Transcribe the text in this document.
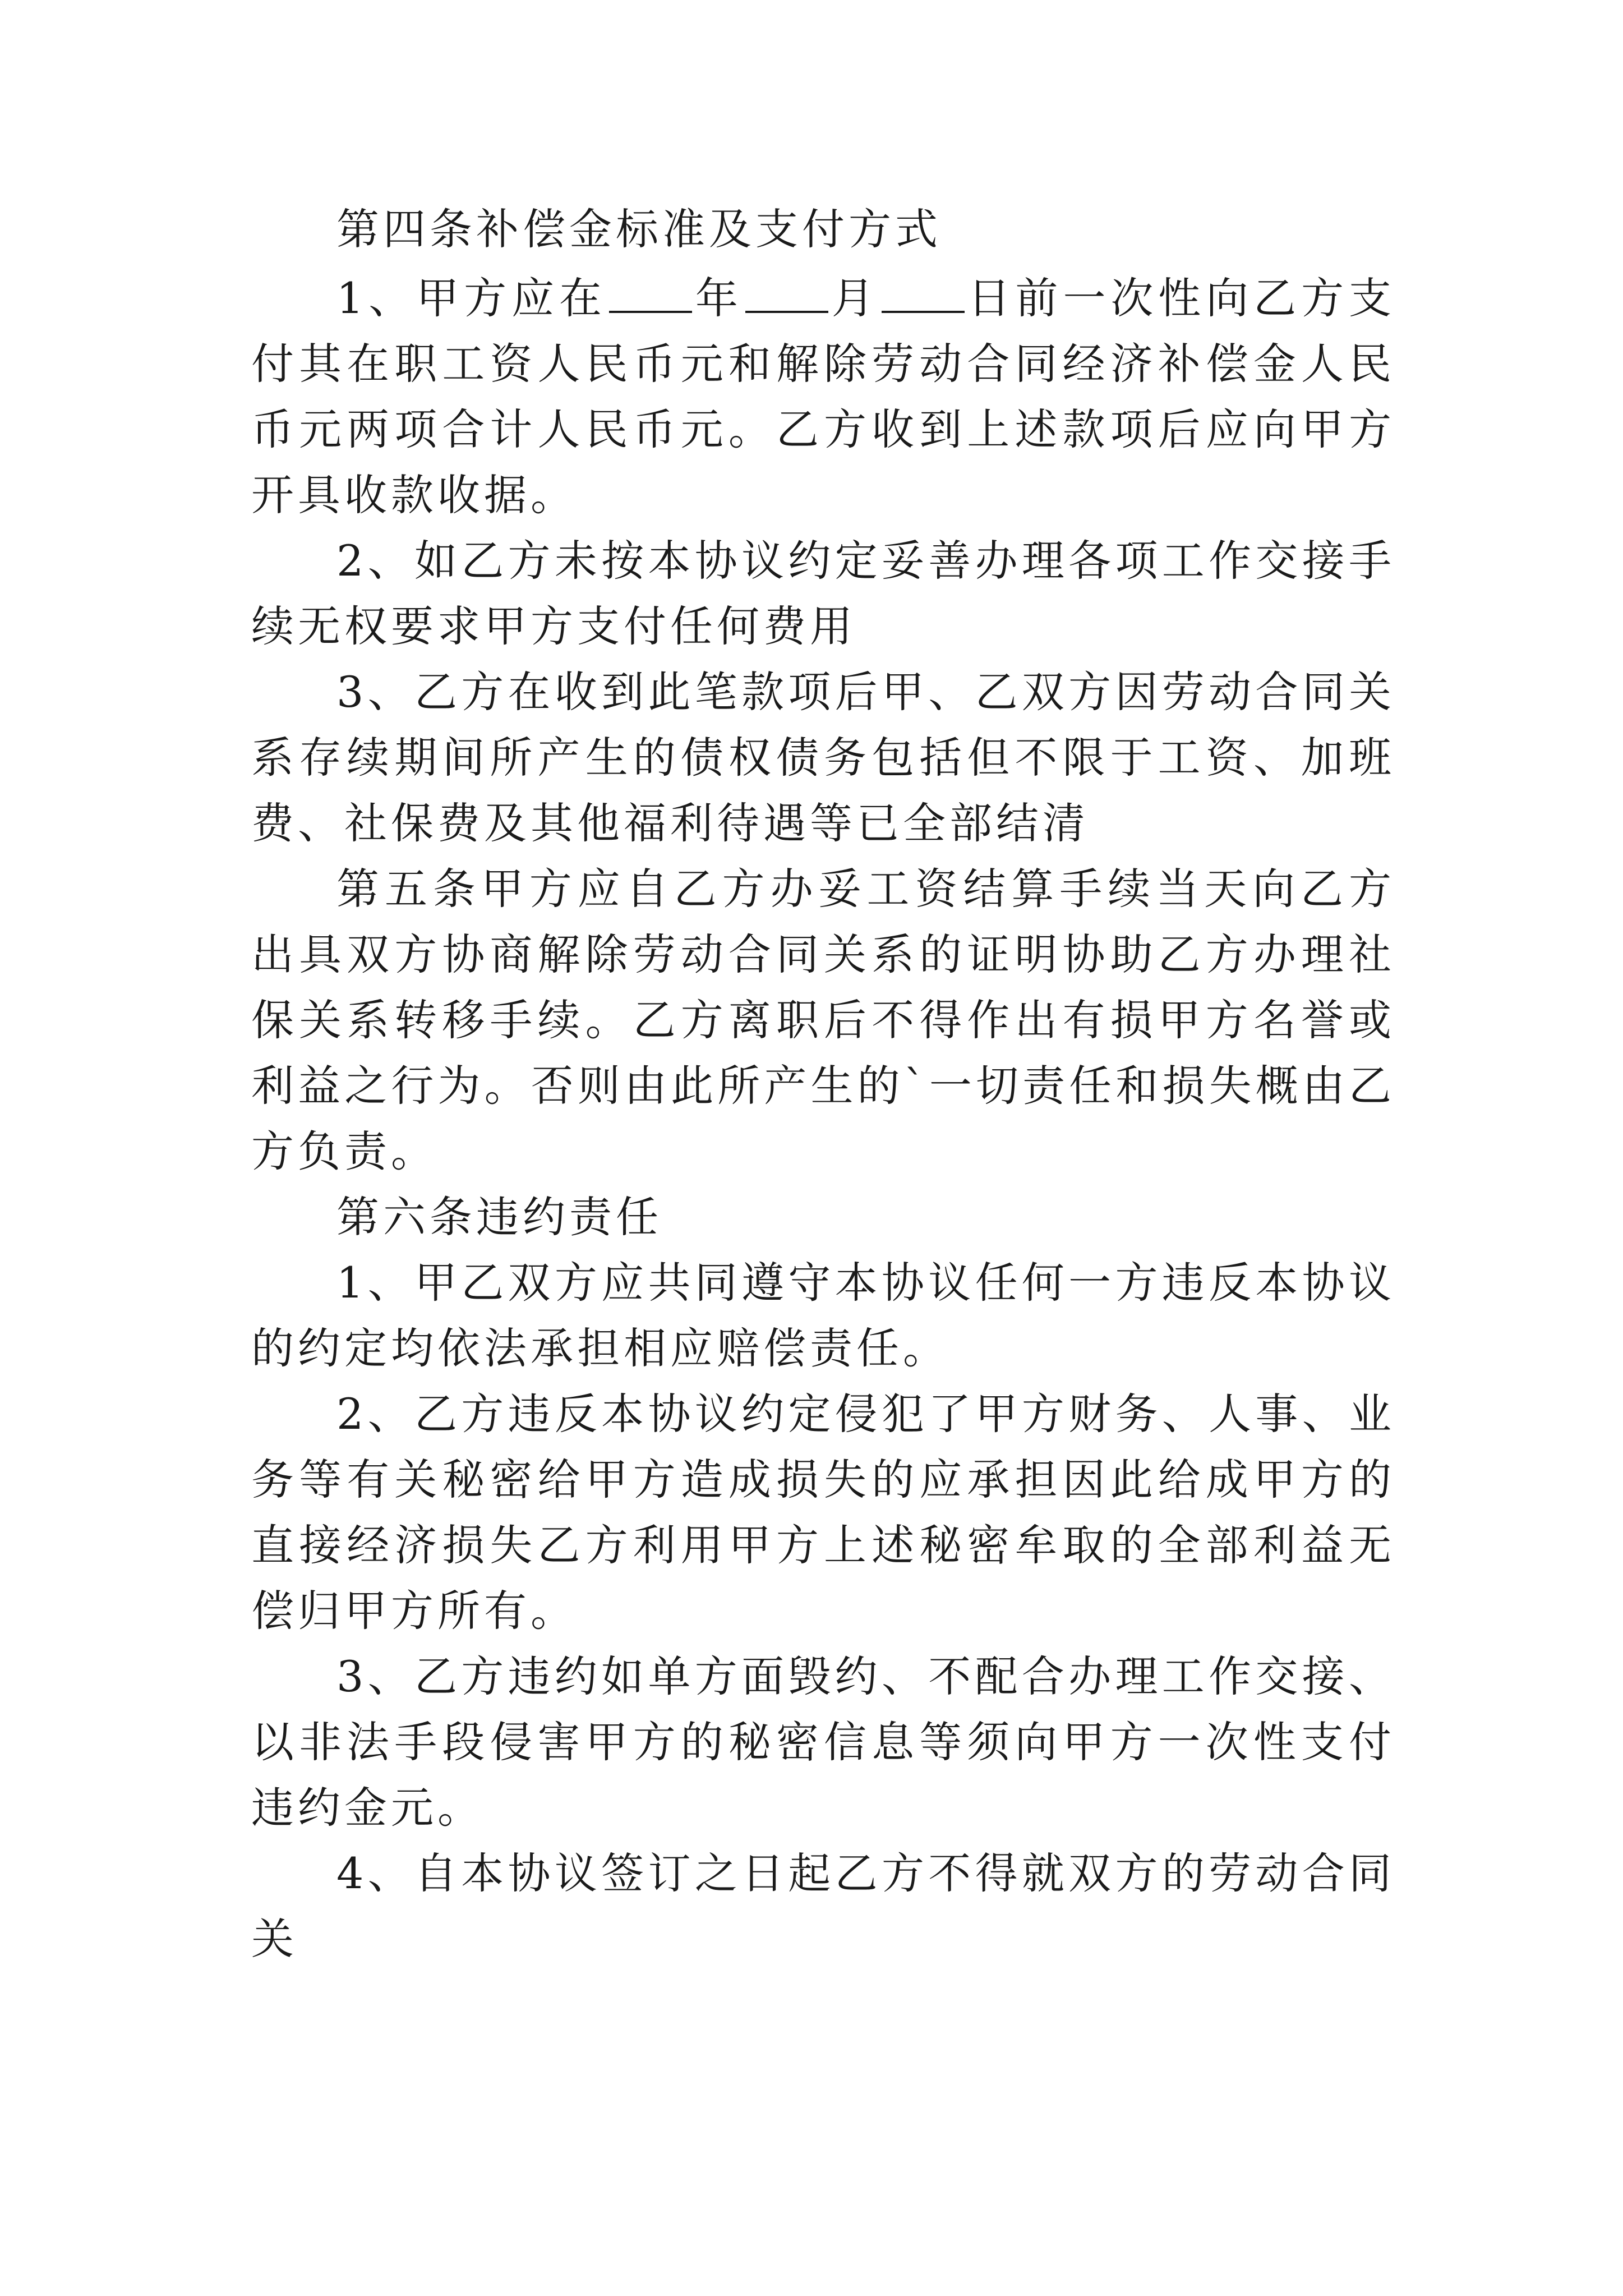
第四条补偿金标准及支付方式

1、甲方应在 年 月 日前一次性向乙方支付其在职工资人民币元和解除劳动合同经济补偿金人民币元两项合计人民币元。乙方收到上述款项后应向甲方开具收款收据。

2、如乙方未按本协议约定妥善办理各项工作交接手续无权要求甲方支付任何费用

3、乙方在收到此笔款项后甲、乙双方因劳动合同关系存续期间所产生的债权债务包括但不限于工资、加班费、社保费及其他福利待遇等已全部结清

第五条甲方应自乙方办妥工资结算手续当天向乙方出具双方协商解除劳动合同关系的证明协助乙方办理社保关系转移手续。乙方离职后不得作出有损甲方名誉或利益之行为。否则由此所产生的`一切责任和损失概由乙方负责。

第六条违约责任

1、甲乙双方应共同遵守本协议任何一方违反本协议的约定均依法承担相应赔偿责任。

2、乙方违反本协议约定侵犯了甲方财务、人事、业务等有关秘密给甲方造成损失的应承担因此给成甲方的直接经济损失乙方利用甲方上述秘密牟取的全部利益无偿归甲方所有。

3、乙方违约如单方面毁约、不配合办理工作交接、以非法手段侵害甲方的秘密信息等须向甲方一次性支付违约金元。

4、自本协议签订之日起乙方不得就双方的劳动合同关
